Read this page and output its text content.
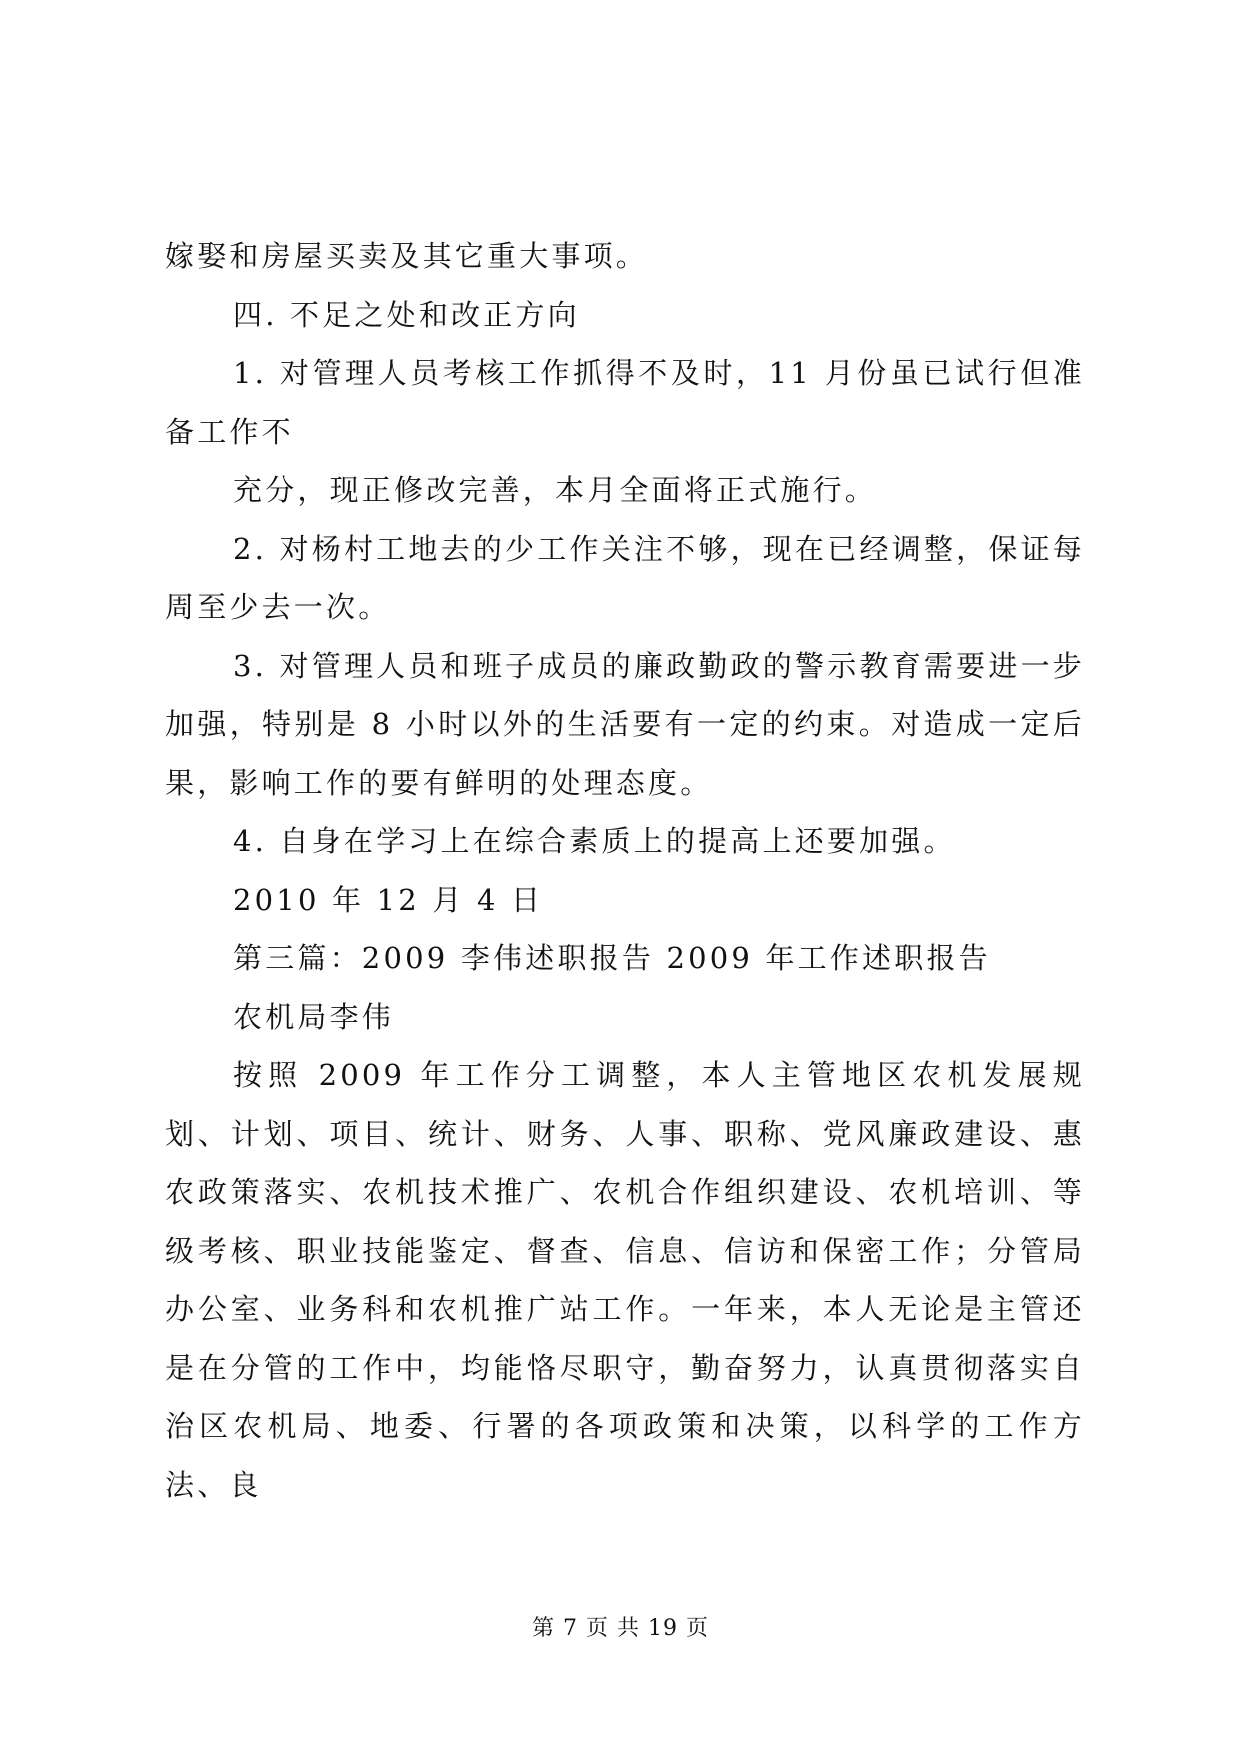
嫁娶和房屋买卖及其它重大事项。

四. 不足之处和改正方向

1. 对管理人员考核工作抓得不及时，11 月份虽已试行但准备工作不

充分，现正修改完善，本月全面将正式施行。

2. 对杨村工地去的少工作关注不够，现在已经调整，保证每周至少去一次。

3. 对管理人员和班子成员的廉政勤政的警示教育需要进一步加强，特别是 8 小时以外的生活要有一定的约束。对造成一定后果，影响工作的要有鲜明的处理态度。

4. 自身在学习上在综合素质上的提高上还要加强。

2010 年 12 月 4 日

第三篇：2009 李伟述职报告 2009 年工作述职报告

农机局李伟

按照 2009 年工作分工调整，本人主管地区农机发展规划、计划、项目、统计、财务、人事、职称、党风廉政建设、惠农政策落实、农机技术推广、农机合作组织建设、农机培训、等级考核、职业技能鉴定、督查、信息、信访和保密工作；分管局办公室、业务科和农机推广站工作。一年来，本人无论是主管还是在分管的工作中，均能恪尽职守，勤奋努力，认真贯彻落实自治区农机局、地委、行署的各项政策和决策，以科学的工作方法、良

第 7 页 共 19 页
